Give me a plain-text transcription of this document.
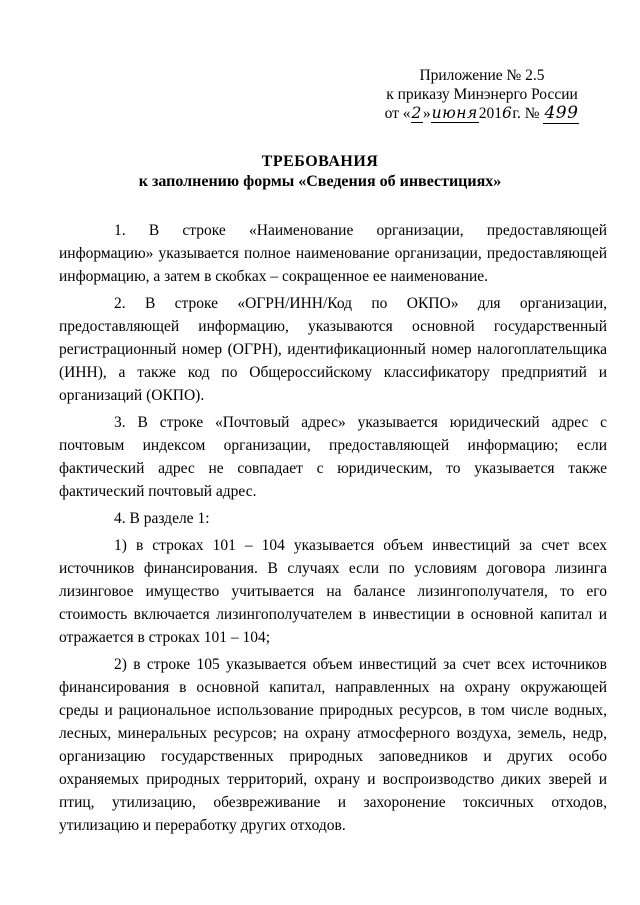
Приложение № 2.5
к приказу Минэнерго России
от «2»июня2016г. № 499
ТРЕБОВАНИЯ
к заполнению формы «Сведения об инвестициях»

1. В строке «Наименование организации, предоставляющей информацию» указывается полное наименование организации, предоставляющей информацию, а затем в скобках – сокращенное ее наименование.

2. В строке «ОГРН/ИНН/Код по ОКПО» для организации, предоставляющей информацию, указываются основной государственный регистрационный номер (ОГРН), идентификационный номер налогоплательщика (ИНН), а также код по Общероссийскому классификатору предприятий и организаций (ОКПО).

3. В строке «Почтовый адрес» указывается юридический адрес с почтовым индексом организации, предоставляющей информацию; если фактический адрес не совпадает с юридическим, то указывается также фактический почтовый адрес.

4. В разделе 1:

1) в строках 101 – 104 указывается объем инвестиций за счет всех источников финансирования. В случаях если по условиям договора лизинга лизинговое имущество учитывается на балансе лизингополучателя, то его стоимость включается лизингополучателем в инвестиции в основной капитал и отражается в строках 101 – 104;

2) в строке 105 указывается объем инвестиций за счет всех источников финансирования в основной капитал, направленных на охрану окружающей среды и рациональное использование природных ресурсов, в том числе водных, лесных, минеральных ресурсов; на охрану атмосферного воздуха, земель, недр, организацию государственных природных заповедников и других особо охраняемых природных территорий, охрану и воспроизводство диких зверей и птиц, утилизацию, обезвреживание и захоронение токсичных отходов, утилизацию и переработку других отходов.
